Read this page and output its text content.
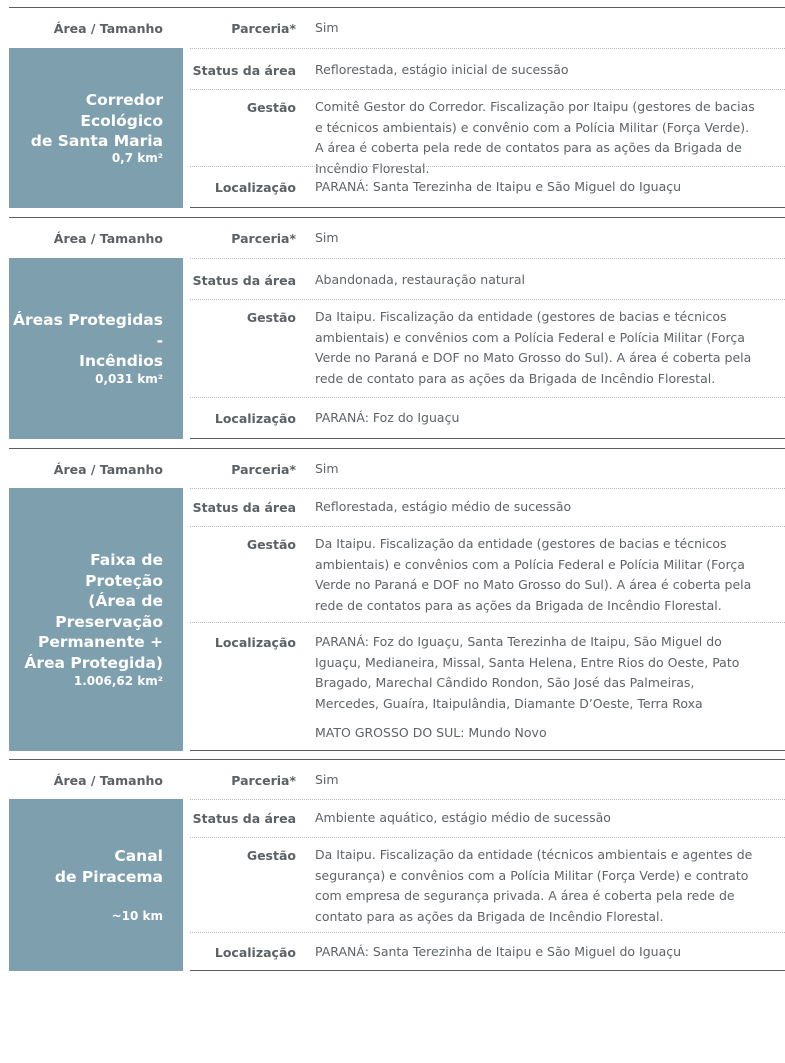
Área / Tamanho	Parceria* Sim
Corredor Ecológico
de Santa Maria
0,7 km²
Status da área Reflorestada, estágio inicial de sucessão
Gestão Comitê Gestor do Corredor. Fiscalização por Itaipu (gestores de bacias e técnicos ambientais) e convênio com a Polícia Militar (Força Verde). A área é coberta pela rede de contatos para as ações da Brigada de Incêndio Florestal.
Localização PARANÁ: Santa Terezinha de Itaipu e São Miguel do Iguaçu
Área / Tamanho	Parceria* Sim
Áreas Protegidas -
Incêndios
0,031 km²
Status da área Abandonada, restauração natural
Gestão Da Itaipu. Fiscalização da entidade (gestores de bacias e técnicos ambientais) e convênios com a Polícia Federal e Polícia Militar (Força Verde no Paraná e DOF no Mato Grosso do Sul). A área é coberta pela rede de contato para as ações da Brigada de Incêndio Florestal.
Localização PARANÁ: Foz do Iguaçu
Área / Tamanho	Parceria* Sim
Faixa de Proteção
(Área de
Preservação
Permanente +
Área Protegida)
1.006,62 km²
Status da área Reflorestada, estágio médio de sucessão
Gestão Da Itaipu. Fiscalização da entidade (gestores de bacias e técnicos ambientais) e convênios com a Polícia Federal e Polícia Militar (Força Verde no Paraná e DOF no Mato Grosso do Sul). A área é coberta pela rede de contatos para as ações da Brigada de Incêndio Florestal.
Localização PARANÁ: Foz do Iguaçu, Santa Terezinha de Itaipu, São Miguel do Iguaçu, Medianeira, Missal, Santa Helena, Entre Rios do Oeste, Pato Bragado, Marechal Cândido Rondon, São José das Palmeiras, Mercedes, Guaíra, Itaipulândia, Diamante D’Oeste, Terra Roxa
MATO GROSSO DO SUL: Mundo Novo
Área / Tamanho	Parceria* Sim
Canal
de Piracema
~10 km
Status da área Ambiente aquático, estágio médio de sucessão
Gestão Da Itaipu. Fiscalização da entidade (técnicos ambientais e agentes de segurança) e convênios com a Polícia Militar (Força Verde) e contrato com empresa de segurança privada. A área é coberta pela rede de contato para as ações da Brigada de Incêndio Florestal.
Localização PARANÁ: Santa Terezinha de Itaipu e São Miguel do Iguaçu
